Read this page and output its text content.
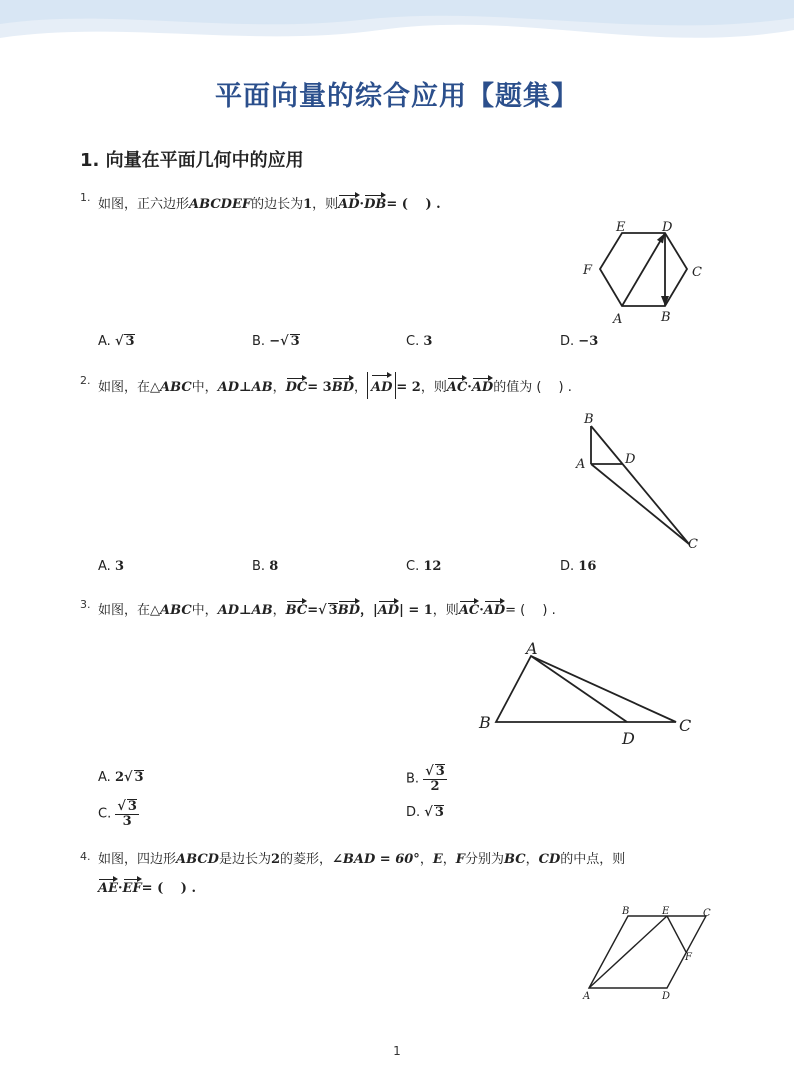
平面向量的综合应用【题集】
1. 向量在平面几何中的应用
1. 如图，正六边形ABCDEF的边长为1，则AD·DB= (　 ) .
E	D
F	C
A	B
A. √ 3	B. −√ 3	C. 3	D. −3
2. 如图，在△ABC中，AD⊥AB，DC= 3BD， AD = 2，则AC·AD的值为 (　 ) .
B
A	D
C
A. 3	B. 8	C. 12	D. 16
3. 如图，在△ABC中，AD⊥AB，BC=√ 3BD，|AD| = 1，则AC·AD= (　 ) .
A
B
D
C
A. 2√ 3	B. $\frac{√ 3}{2}$
C. $\frac{√ 3}{3}$	D. √ 3
4. 如图，四边形ABCD是边长为2的菱形，∠BAD = 60°，E，F分别为BC，CD的中点，则
AE·EF= (　 ) .
B	E	C
F
A	D
1
